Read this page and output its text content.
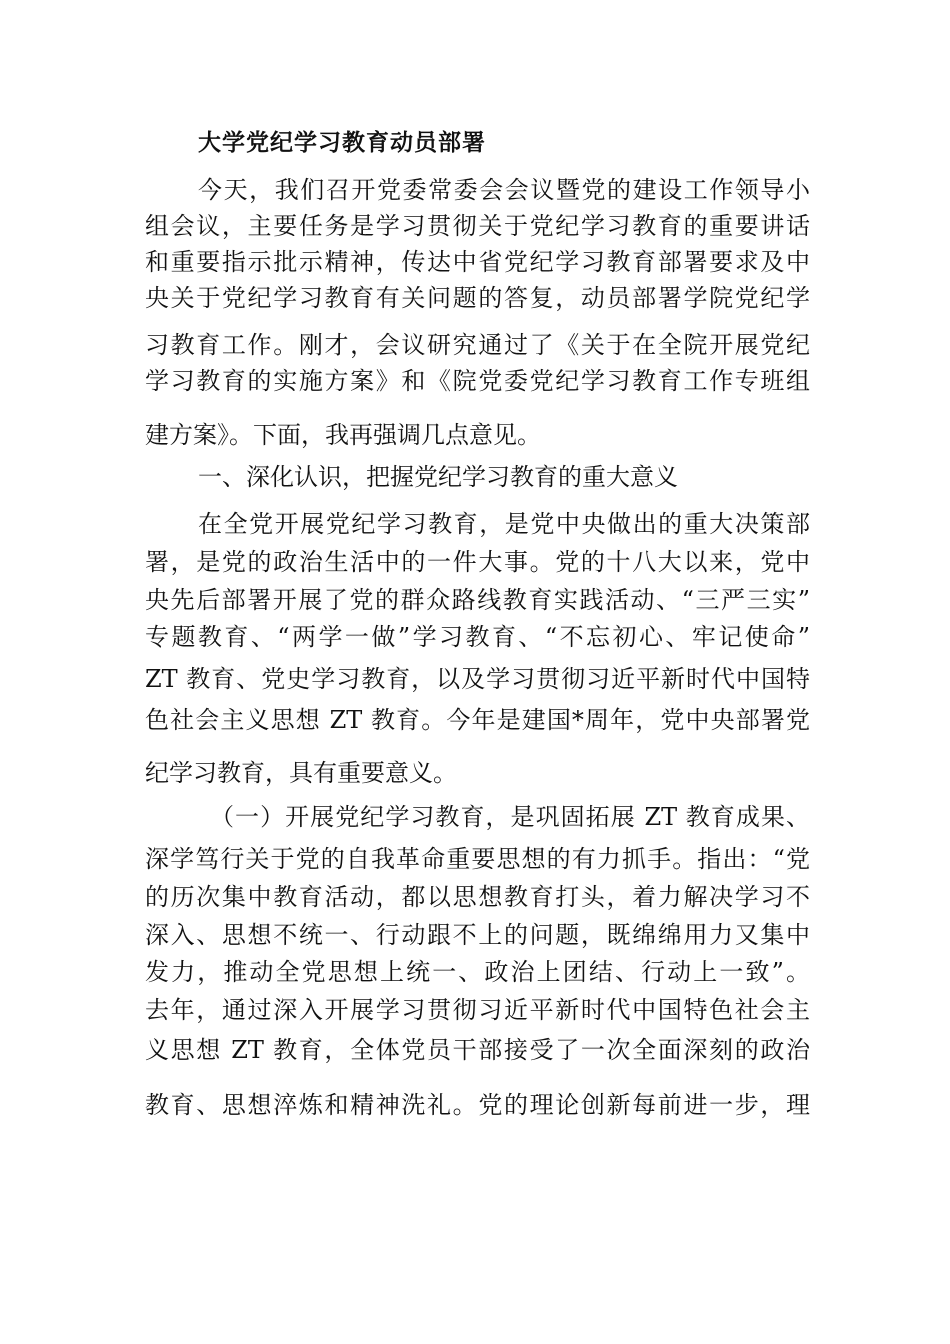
大学党纪学习教育动员部署
今天，我们召开党委常委会会议暨党的建设工作领导小
组会议，主要任务是学习贯彻关于党纪学习教育的重要讲话
和重要指示批示精神，传达中省党纪学习教育部署要求及中
央关于党纪学习教育有关问题的答复，动员部署学院党纪学
习教育工作。刚才，会议研究通过了《关于在全院开展党纪
学习教育的实施方案》和《院党委党纪学习教育工作专班组
建方案》。下面，我再强调几点意见。
一、深化认识，把握党纪学习教育的重大意义
在全党开展党纪学习教育，是党中央做出的重大决策部
署，是党的政治生活中的一件大事。党的十八大以来，党中
央先后部署开展了党的群众路线教育实践活动、“三严三实”
专题教育、“两学一做”学习教育、“不忘初心、牢记使命”
ZT 教育、党史学习教育，以及学习贯彻习近平新时代中国特
色社会主义思想 ZT 教育。今年是建国*周年，党中央部署党
纪学习教育，具有重要意义。
（一）开展党纪学习教育，是巩固拓展 ZT 教育成果、
深学笃行关于党的自我革命重要思想的有力抓手。指出：“党
的历次集中教育活动，都以思想教育打头，着力解决学习不
深入、思想不统一、行动跟不上的问题，既绵绵用力又集中
发力，推动全党思想上统一、政治上团结、行动上一致”。
去年，通过深入开展学习贯彻习近平新时代中国特色社会主
义思想 ZT 教育，全体党员干部接受了一次全面深刻的政治
教育、思想淬炼和精神洗礼。党的理论创新每前进一步，理
